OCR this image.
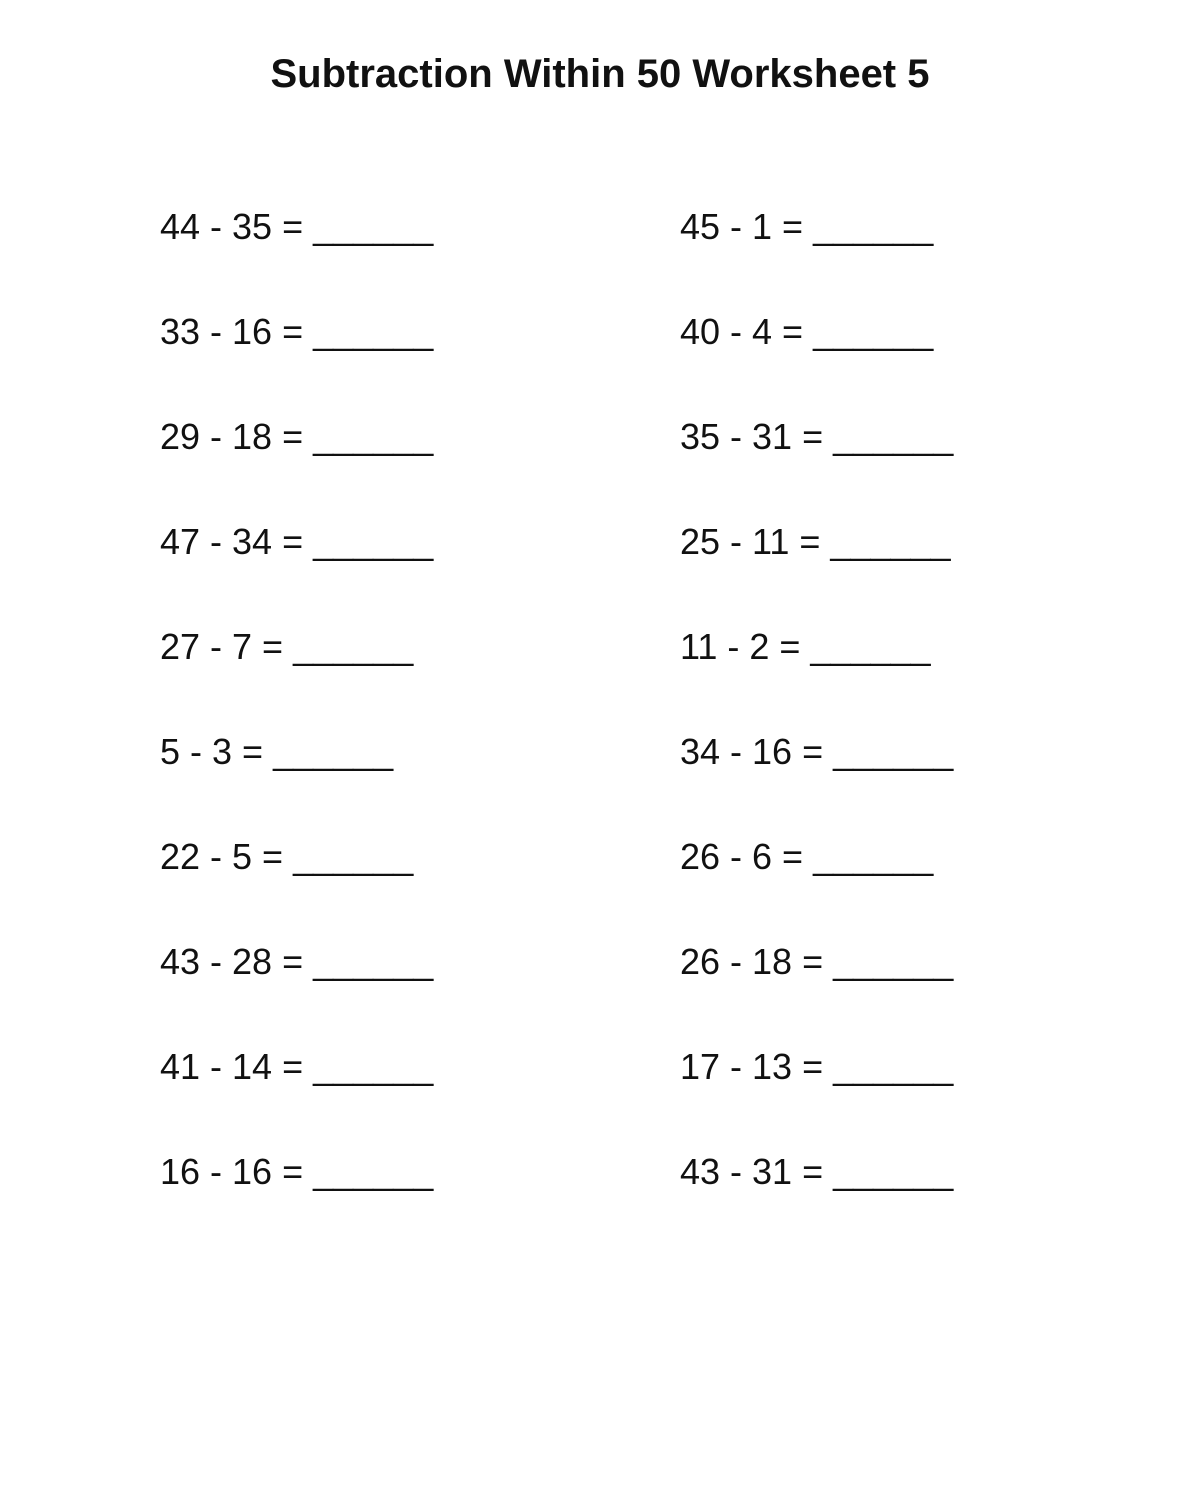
Subtraction Within 50 Worksheet 5
44 - 35 = ______	45 - 1 = ______
33 - 16 = ______	40 - 4 = ______
29 - 18 = ______	35 - 31 = ______
47 - 34 = ______	25 - 11 = ______
27 - 7 = ______	11 - 2 = ______
5 - 3 = ______	34 - 16 = ______
22 - 5 = ______	26 - 6 = ______
43 - 28 = ______	26 - 18 = ______
41 - 14 = ______	17 - 13 = ______
16 - 16 = ______	43 - 31 = ______
